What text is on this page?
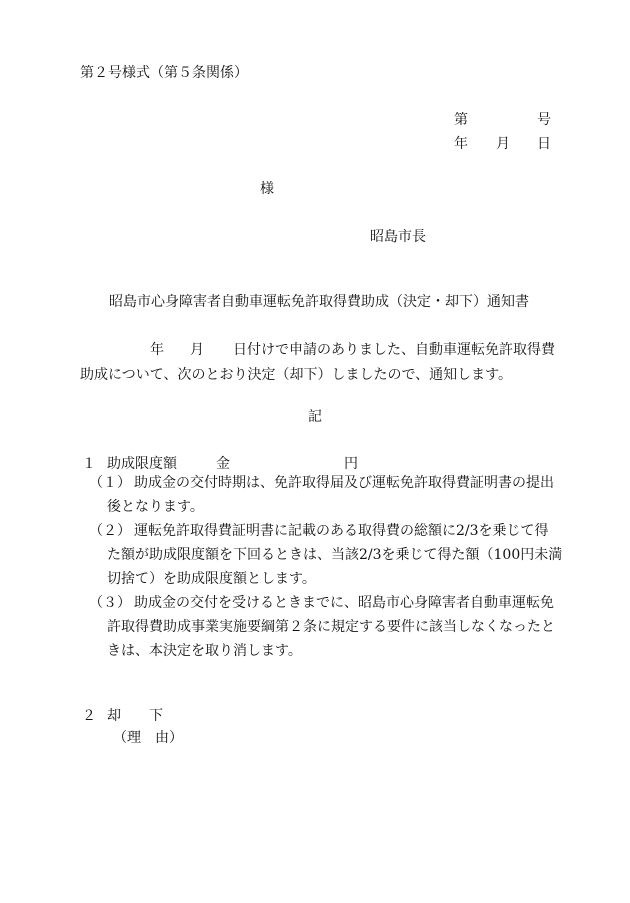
第２号様式（第５条関係）
第	号
年 月 日
様
昭島市長
昭島市心身障害者自動車運転免許取得費助成（決定・却下）通知書
年 月 日付けで申請のありました、自動車運転免許取得費
助成について、次のとおり決定（却下）しましたので、通知します。
記
１ 助成限度額	金	円
（１） 助成金の交付時期は、免許取得届及び運転免許取得費証明書の提出
後となります。
（２） 運転免許取得費証明書に記載のある取得費の総額に2/3を乗じて得
た額が助成限度額を下回るときは、当該2/3を乗じて得た額（100円未満
切捨て）を助成限度額とします。
（３） 助成金の交付を受けるときまでに、昭島市心身障害者自動車運転免
許取得費助成事業実施要綱第２条に規定する要件に該当しなくなったと
きは、本決定を取り消します。
２ 却 下
（理　由）
